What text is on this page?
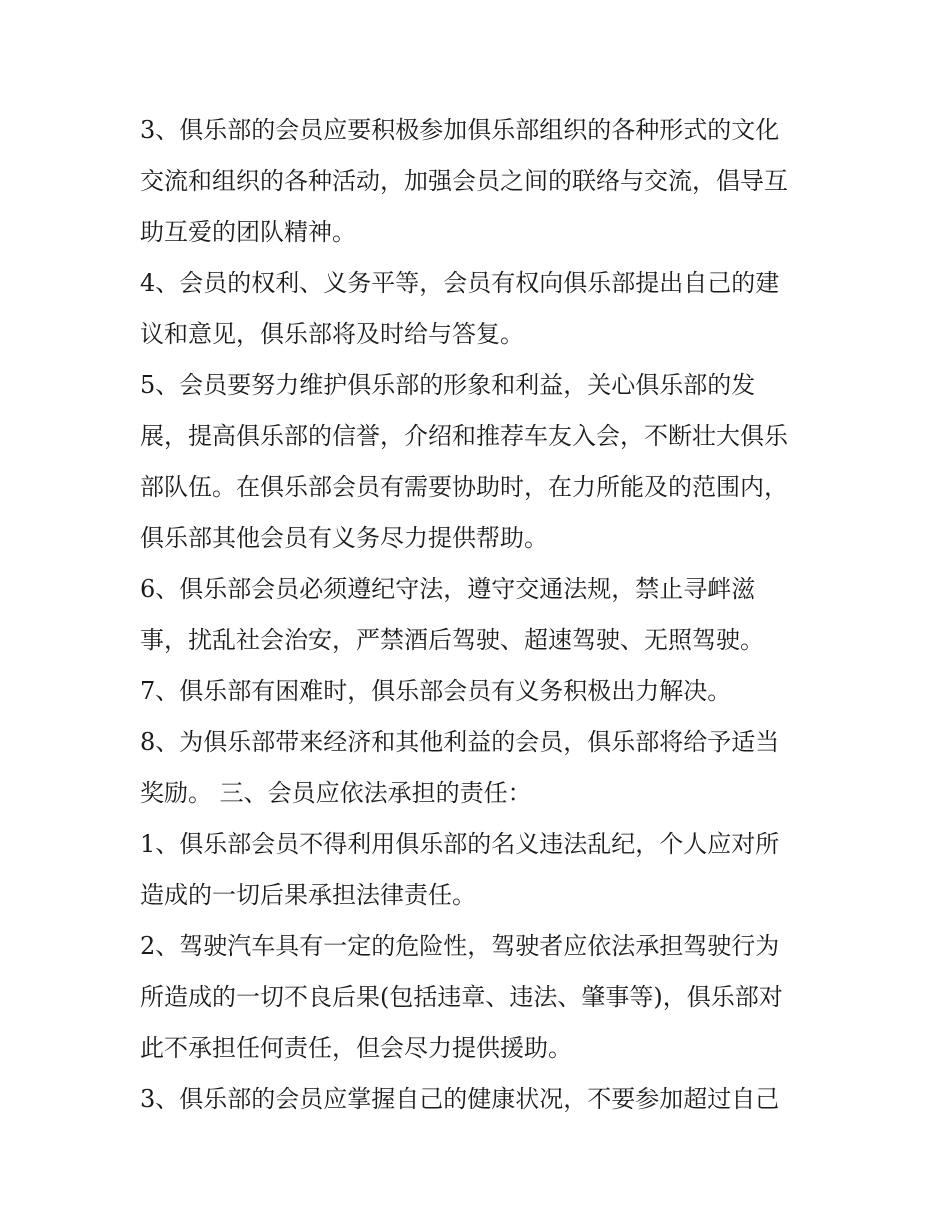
3、俱乐部的会员应要积极参加俱乐部组织的各种形式的文化
交流和组织的各种活动，加强会员之间的联络与交流，倡导互
助互爱的团队精神。
4、会员的权利、义务平等，会员有权向俱乐部提出自己的建
议和意见，俱乐部将及时给与答复。
5、会员要努力维护俱乐部的形象和利益，关心俱乐部的发
展，提高俱乐部的信誉，介绍和推荐车友入会，不断壮大俱乐
部队伍。在俱乐部会员有需要协助时，在力所能及的范围内，
俱乐部其他会员有义务尽力提供帮助。
6、俱乐部会员必须遵纪守法，遵守交通法规，禁止寻衅滋
事，扰乱社会治安，严禁酒后驾驶、超速驾驶、无照驾驶。
7、俱乐部有困难时，俱乐部会员有义务积极出力解决。
8、为俱乐部带来经济和其他利益的会员，俱乐部将给予适当
奖励。 三、会员应依法承担的责任：
1、俱乐部会员不得利用俱乐部的名义违法乱纪，个人应对所
造成的一切后果承担法律责任。
2、驾驶汽车具有一定的危险性，驾驶者应依法承担驾驶行为
所造成的一切不良后果(包括违章、违法、肇事等)，俱乐部对
此不承担任何责任，但会尽力提供援助。
3、俱乐部的会员应掌握自己的健康状况，不要参加超过自己
